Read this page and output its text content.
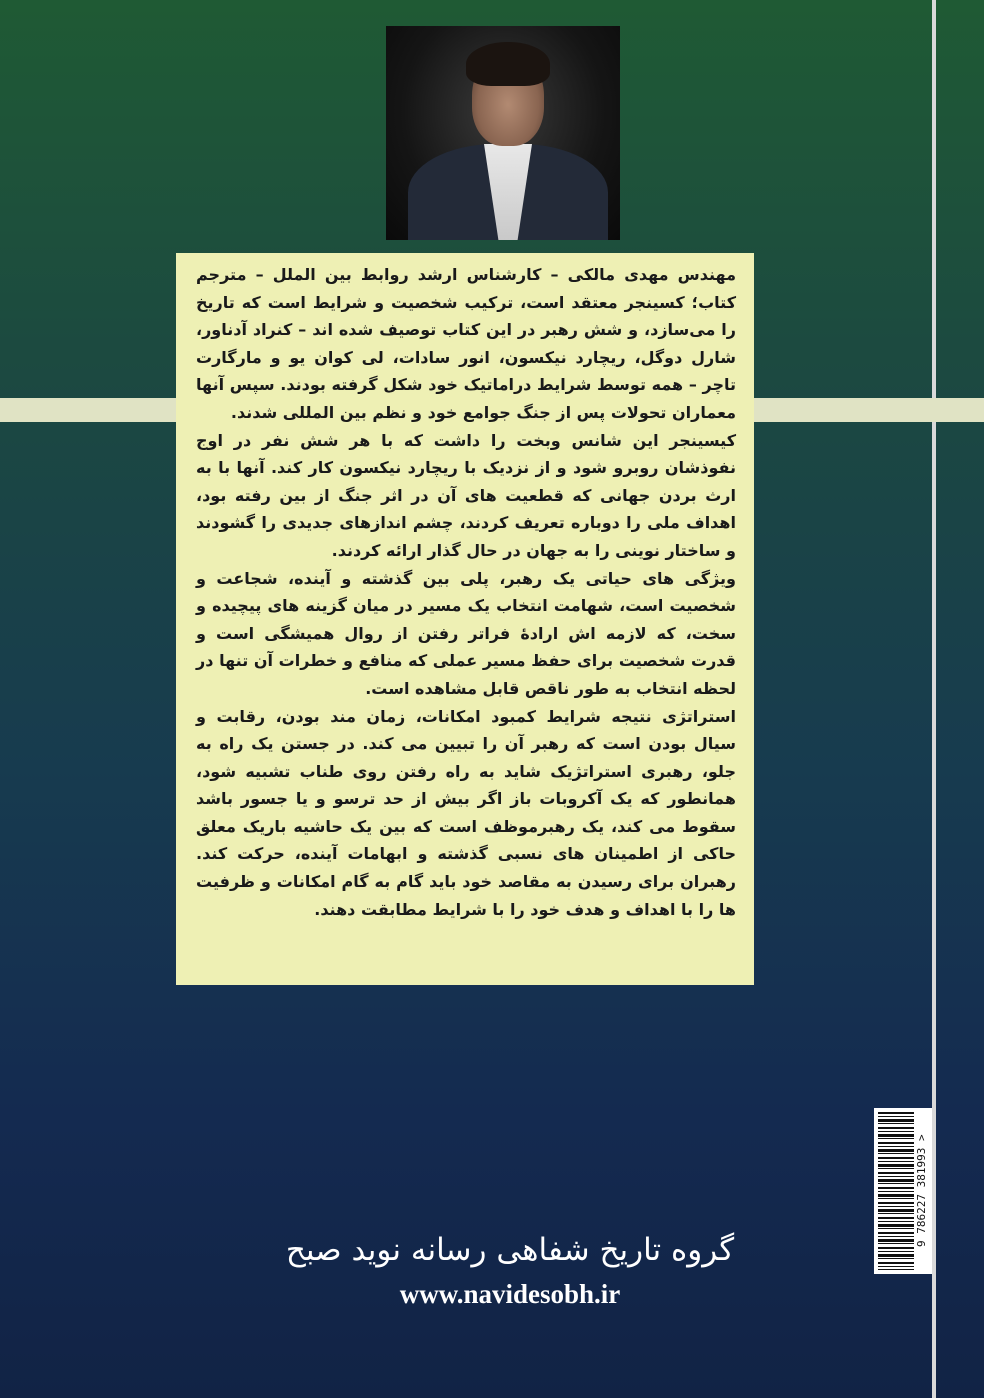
مهندس مهدی مالکی – کارشناس ارشد روابط بین الملل – مترجم کتاب؛ کسینجر معتقد است، ترکیب شخصیت و شرایط است که تاریخ را می‌سازد، و شش رهبر در این کتاب توصیف شده اند – کنراد آدناور، شارل دوگل، ریچارد نیکسون، انور سادات، لی کوان یو و مارگارت تاچر – همه توسط شرایط دراماتیک خود شکل گرفته بودند. سپس آنها معماران تحولات پس از جنگ جوامع خود و نظم بین المللی شدند.

کیسینجر این شانس وبخت را داشت که با هر شش نفر در اوج نفوذشان روبرو شود و از نزدیک با ریچارد نیکسون کار کند. آنها با به ارث بردن جهانی که قطعیت های آن در اثر جنگ از بین رفته بود، اهداف ملی را دوباره تعریف کردند، چشم اندازهای جدیدی را گشودند و ساختار نوینی را به جهان در حال گذار ارائه کردند.

ویژگی های حیاتی یک رهبر، پلی بین گذشته و آینده، شجاعت و شخصیت است، شهامت انتخاب یک مسیر در میان گزینه های پیچیده و سخت، که لازمه اش ارادهٔ فراتر رفتن از روال همیشگی است و قدرت شخصیت برای حفظ مسیر عملی که منافع و خطرات آن تنها در لحظه انتخاب به طور ناقص قابل مشاهده است.

استراتژی نتیجه شرایط کمبود امکانات، زمان مند بودن، رقابت و سیال بودن است که رهبر آن را تبیین می کند. در جستن یک راه به جلو، رهبری استراتژیک شاید به راه رفتن روی طناب تشبیه شود، همانطور که یک آکروبات باز اگر بیش از حد ترسو و یا جسور باشد سقوط می کند، یک رهبرموظف است که بین یک حاشیه باریک معلق حاکی از اطمینان های نسبی گذشته و ابهامات آینده، حرکت کند. رهبران برای رسیدن به مقاصد خود باید گام به گام امکانات و ظرفیت ها را با اهداف و هدف خود را با شرایط مطابقت دهند.

9 786227 381993 >
گروه تاریخ شفاهی رسانه نوید صبح
www.navidesobh.ir
